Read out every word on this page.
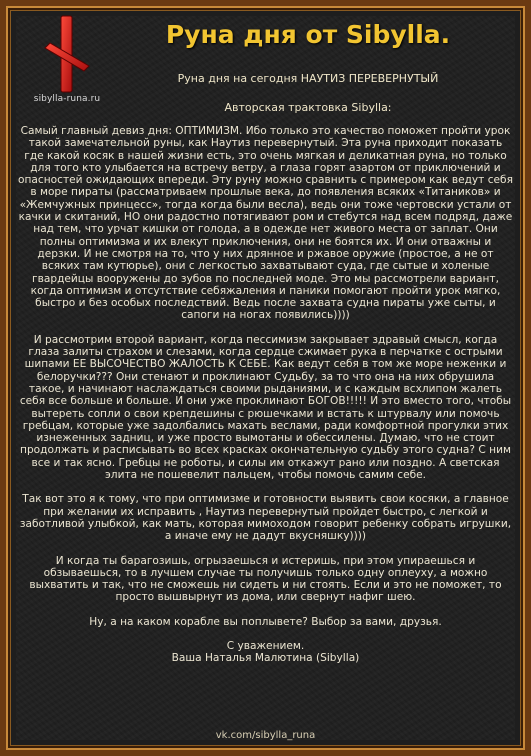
sibylla-runa.ru
Руна дня от Sibylla.
Руна дня на сегодня НАУТИЗ ПЕРЕВЕРНУТЫЙ
Авторская трактовка Sibylla:

Самый главный девиз дня: ОПТИМИЗМ. Ибо только это качество поможет пройти урок такой замечательной руны, как Наутиз перевернутый. Эта руна приходит показать где какой косяк в нашей жизни есть, это очень мягкая и деликатная руна, но только для того кто улыбается на встречу ветру, а глаза горят азартом от приключений и опасностей ожидающих впереди. Эту руну можно сравнить с примером как ведут себя в море пираты (рассматриваем прошлые века, до появления всяких «Титаников» и «Жемчужных принцесс», тогда когда были весла), ведь они тоже чертовски устали от качки и скитаний, НО они радостно потягивают ром и стебутся над всем подряд, даже над тем, что урчат кишки от голода, а в одежде нет живого места от заплат. Они полны оптимизма и их влекут приключения, они не боятся их. И они отважны и дерзки. И не смотря на то, что у них дрянное и ржавое оружие (простое, а не от всяких там кутюрье), они с легкостью захватывают суда, где сытые и холеные гвардейцы вооружены до зубов по последней моде. Это мы рассмотрели вариант, когда оптимизм и отсутствие себяжаления и паники помогают пройти урок мягко, быстро и без особых последствий. Ведь после захвата судна пираты уже сыты, и сапоги на ногах появились))))

И рассмотрим второй вариант, когда пессимизм закрывает здравый смысл, когда глаза залиты страхом и слезами, когда сердце сжимает рука в перчатке с острыми шипами ЕЕ ВЫСОЧЕСТВО ЖАЛОСТЬ К СЕБЕ. Как ведут себя в том же море неженки и белоручки??? Они стенают и проклинают Судьбу, за то что она на них обрушила такое, и начинают наслаждаться своими рыданиями, и с каждым всхлипом жалеть себя все больше и больше. И они уже проклинают БОГОВ!!!!! И это вместо того, чтобы вытереть сопли о свои крепдешины с рюшечками и встать к штурвалу или помочь гребцам, которые уже задолбались махать веслами, ради комфортной прогулки этих изнеженных задниц, и уже просто вымотаны и обессилены. Думаю, что не стоит продолжать и расписывать во всех красках окончательную судьбу этого судна? С ним все и так ясно. Гребцы не роботы, и силы им откажут рано или поздно. А светская элита не пошевелит пальцем, чтобы помочь самим себе.

Так вот это я к тому, что при оптимизме и готовности выявить свои косяки, а главное при желании их исправить , Наутиз перевернутый пройдет быстро, с легкой и заботливой улыбкой, как мать, которая мимоходом говорит ребенку собрать игрушки, а иначе ему не дадут вкусняшку))))

И когда ты барагозишь, огрызаешься и истеришь, при этом упираешься и обзываешься, то в лучшем случае ты получишь только одну оплеуху, а можно выхватить и так, что не сможешь ни сидеть и ни стоять. Если и это не поможет, то просто вышвырнут из дома, или свернут нафиг шею.

Ну, а на каком корабле вы поплывете? Выбор за вами, друзья.

С уважением.

Ваша Наталья Малютина (Sibylla)

vk.com/sibylla_runa
